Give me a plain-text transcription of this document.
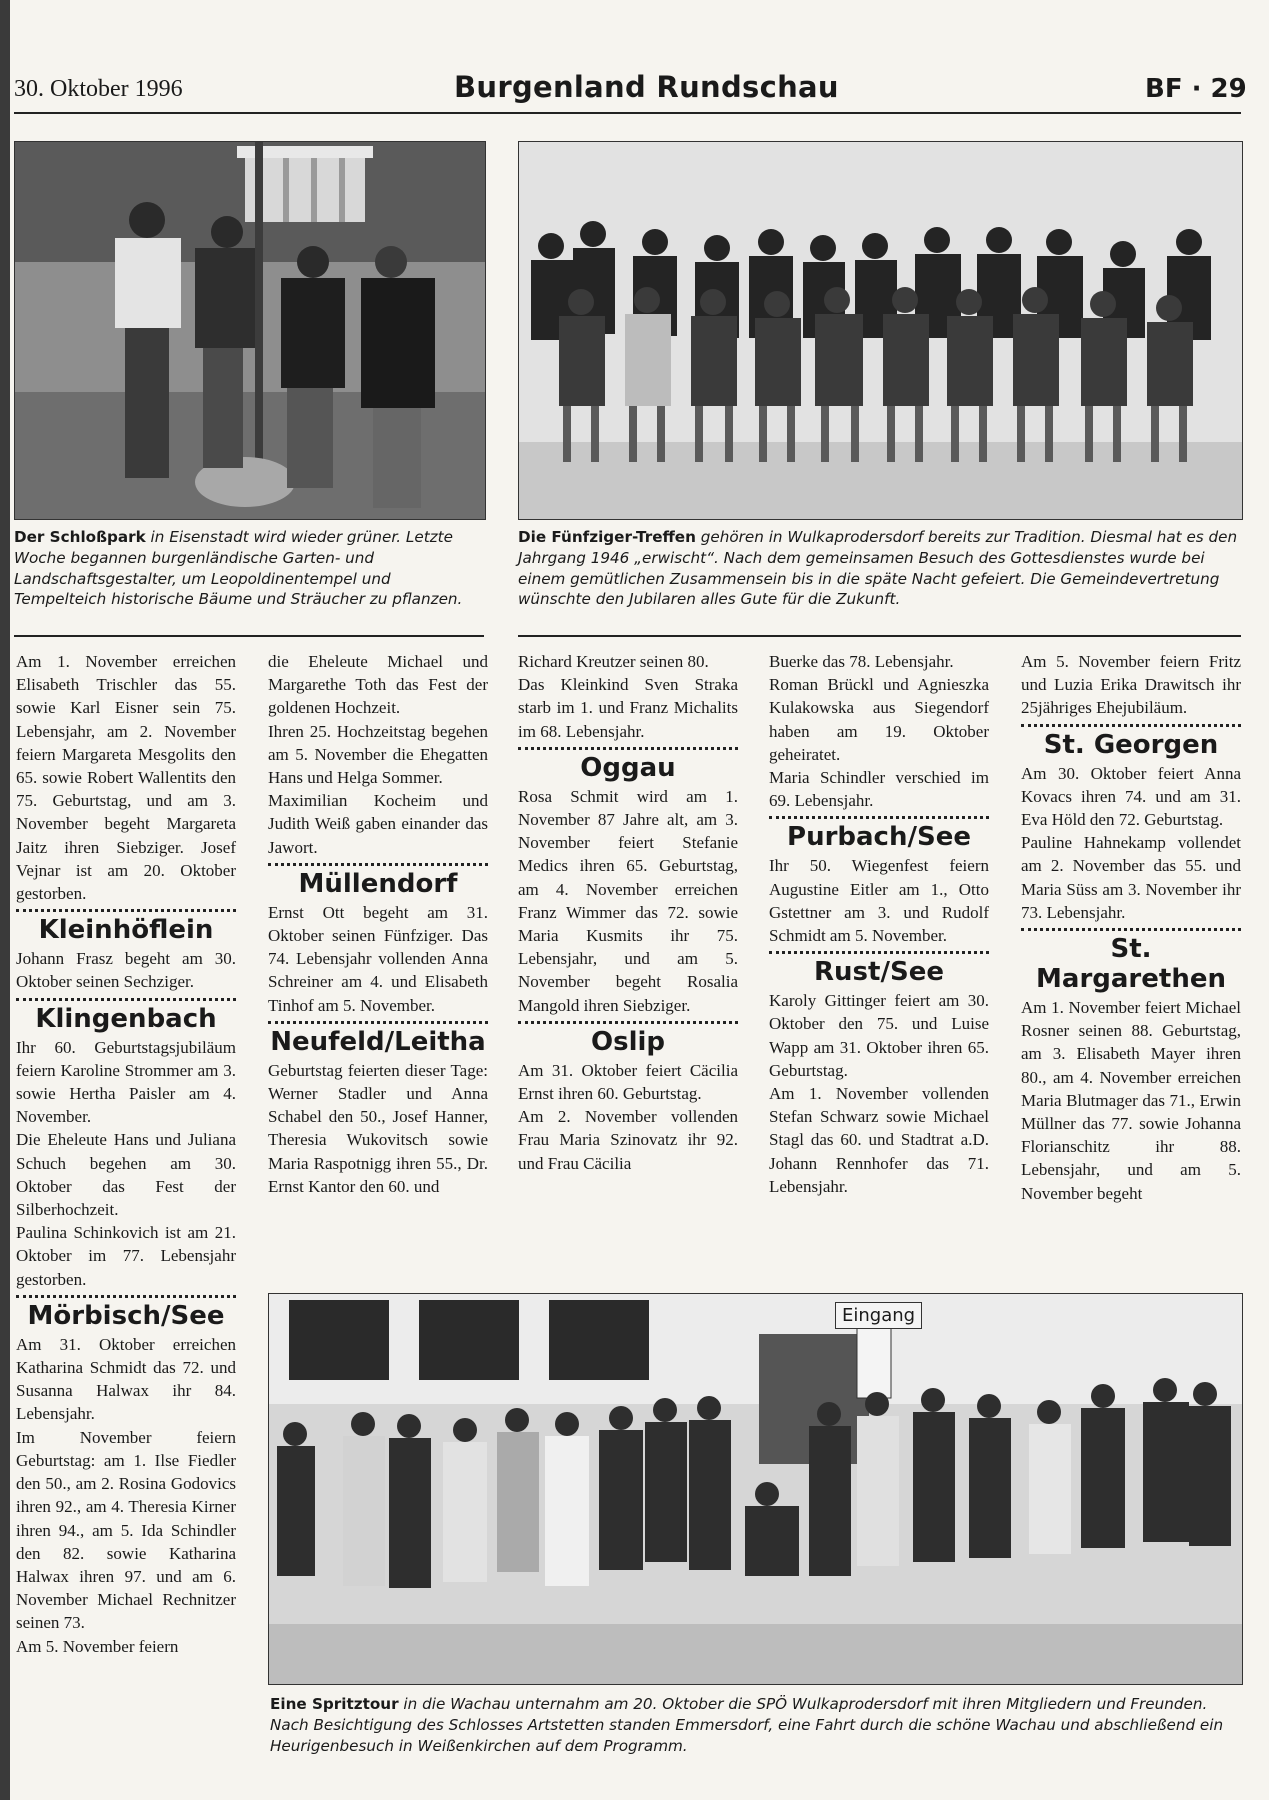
30. Oktober 1996	Burgenland Rundschau	BF · 29
Der Schloßpark in Eisenstadt wird wieder grüner. Letzte Woche begannen burgenländische Garten- und Landschaftsgestalter, um Leopoldinentempel und Tempelteich historische Bäume und Sträucher zu pflanzen.
Die Fünfziger-Treffen gehören in Wulkaprodersdorf bereits zur Tradition. Diesmal hat es den Jahrgang 1946 „erwischt“. Nach dem gemeinsamen Besuch des Gottesdienstes wurde bei einem gemütlichen Zusammensein bis in die späte Nacht gefeiert. Die Gemeindevertretung wünschte den Jubilaren alles Gute für die Zukunft.

Am 1. November erreichen Elisabeth Trischler das 55. sowie Karl Eisner sein 75. Lebensjahr, am 2. November feiern Margareta Mesgolits den 65. sowie Robert Wallentits den 75. Geburtstag, und am 3. November begeht Margareta Jaitz ihren Siebziger. Josef Vejnar ist am 20. Oktober gestorben.

Kleinhöflein

Johann Frasz begeht am 30. Oktober seinen Sechziger.

Klingenbach

Ihr 60. Geburtstagsjubiläum feiern Karoline Strommer am 3. sowie Hertha Paisler am 4. November.

Die Eheleute Hans und Juliana Schuch begehen am 30. Oktober das Fest der Silberhochzeit.

Paulina Schinkovich ist am 21. Oktober im 77. Lebensjahr gestorben.

Mörbisch/See

Am 31. Oktober erreichen Katharina Schmidt das 72. und Susanna Halwax ihr 84. Lebensjahr.

Im November feiern Geburtstag: am 1. Ilse Fiedler den 50., am 2. Rosina Godovics ihren 92., am 4. Theresia Kirner ihren 94., am 5. Ida Schindler den 82. sowie Katharina Halwax ihren 97. und am 6. November Michael Rechnitzer seinen 73.

Am 5. November feiern

die Eheleute Michael und Margarethe Toth das Fest der goldenen Hochzeit.

Ihren 25. Hochzeitstag begehen am 5. November die Ehegatten Hans und Helga Sommer.

Maximilian Kocheim und Judith Weiß gaben einander das Jawort.

Müllendorf

Ernst Ott begeht am 31. Oktober seinen Fünfziger. Das 74. Lebensjahr vollenden Anna Schreiner am 4. und Elisabeth Tinhof am 5. November.

Neufeld/Leitha

Geburtstag feierten dieser Tage: Werner Stadler und Anna Schabel den 50., Josef Hanner, Theresia Wukovitsch sowie Maria Raspotnigg ihren 55., Dr. Ernst Kantor den 60. und

Richard Kreutzer seinen 80.

Das Kleinkind Sven Straka starb im 1. und Franz Michalits im 68. Lebensjahr.

Oggau

Rosa Schmit wird am 1. November 87 Jahre alt, am 3. November feiert Stefanie Medics ihren 65. Geburtstag, am 4. November erreichen Franz Wimmer das 72. sowie Maria Kusmits ihr 75. Lebensjahr, und am 5. November begeht Rosalia Mangold ihren Siebziger.

Oslip

Am 31. Oktober feiert Cäcilia Ernst ihren 60. Geburtstag.

Am 2. November vollenden Frau Maria Szinovatz ihr 92. und Frau Cäcilia

Buerke das 78. Lebensjahr.

Roman Brückl und Agnieszka Kulakowska aus Siegendorf haben am 19. Oktober geheiratet.

Maria Schindler verschied im 69. Lebensjahr.

Purbach/See

Ihr 50. Wiegenfest feiern Augustine Eitler am 1., Otto Gstettner am 3. und Rudolf Schmidt am 5. November.

Rust/See

Karoly Gittinger feiert am 30. Oktober den 75. und Luise Wapp am 31. Oktober ihren 65. Geburtstag.

Am 1. November vollenden Stefan Schwarz sowie Michael Stagl das 60. und Stadtrat a.D. Johann Rennhofer das 71. Lebensjahr.

Am 5. November feiern Fritz und Luzia Erika Drawitsch ihr 25jähriges Ehejubiläum.

St. Georgen

Am 30. Oktober feiert Anna Kovacs ihren 74. und am 31. Eva Höld den 72. Geburtstag.

Pauline Hahnekamp vollendet am 2. November das 55. und Maria Süss am 3. November ihr 73. Lebensjahr.

St. Margarethen

Am 1. November feiert Michael Rosner seinen 88. Geburtstag, am 3. Elisabeth Mayer ihren 80., am 4. November erreichen Maria Blutmager das 71., Erwin Müllner das 77. sowie Johanna Florianschitz ihr 88. Lebensjahr, und am 5. November begeht

Eingang
Eine Spritztour in die Wachau unternahm am 20. Oktober die SPÖ Wulkaprodersdorf mit ihren Mitgliedern und Freunden. Nach Besichtigung des Schlosses Artstetten standen Emmersdorf, eine Fahrt durch die schöne Wachau und abschließend ein Heurigenbesuch in Weißenkirchen auf dem Programm.
